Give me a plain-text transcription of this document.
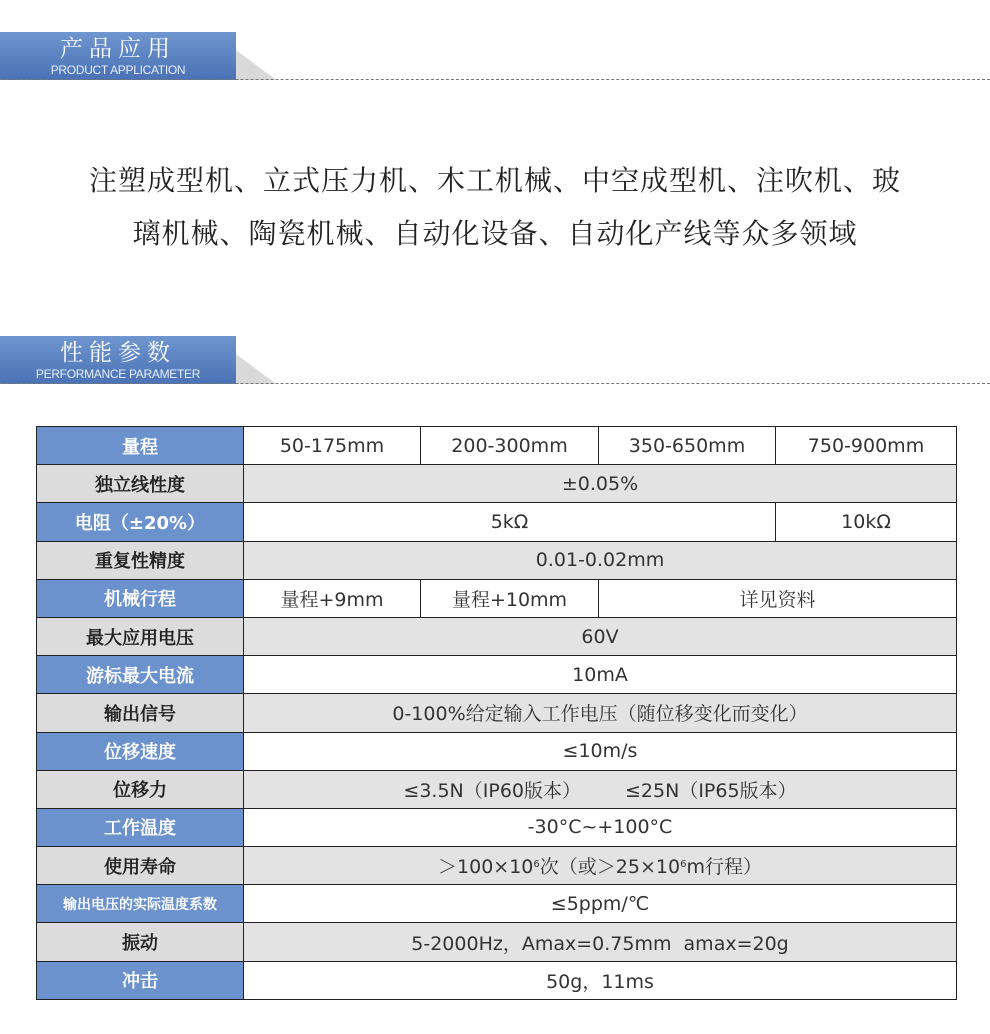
产品应用
PRODUCT APPLICATION
注塑成型机、立式压力机、木工机械、中空成型机、注吹机、玻
璃机械、陶瓷机械、自动化设备、自动化产线等众多领域
性能参数
PERFORMANCE PARAMETER
量程	50-175mm	200-300mm	350-650mm	750-900mm
独立线性度	±0.05%			
电阻（±20%）	5kΩ			10kΩ
重复性精度	0.01-0.02mm			
机械行程	量程+9mm	量程+10mm	详见资料	
最大应用电压	60V			
游标最大电流	10mA			
输出信号	0-100%给定输入工作电压（随位移变化而变化）			
位移速度	≤10m/s			
位移力	≤3.5N（IP60版本） ≤25N（IP65版本）			
工作温度	-30°C~+100°C			
使用寿命	$>100\times 10^6$次（或$>25\times 10^6m$行程）			
输出电压的实际温度系数	≤5ppm/℃			
振动	5-2000Hz，Amax=0.75mm  amax=20g			
冲击	50g，11ms			
